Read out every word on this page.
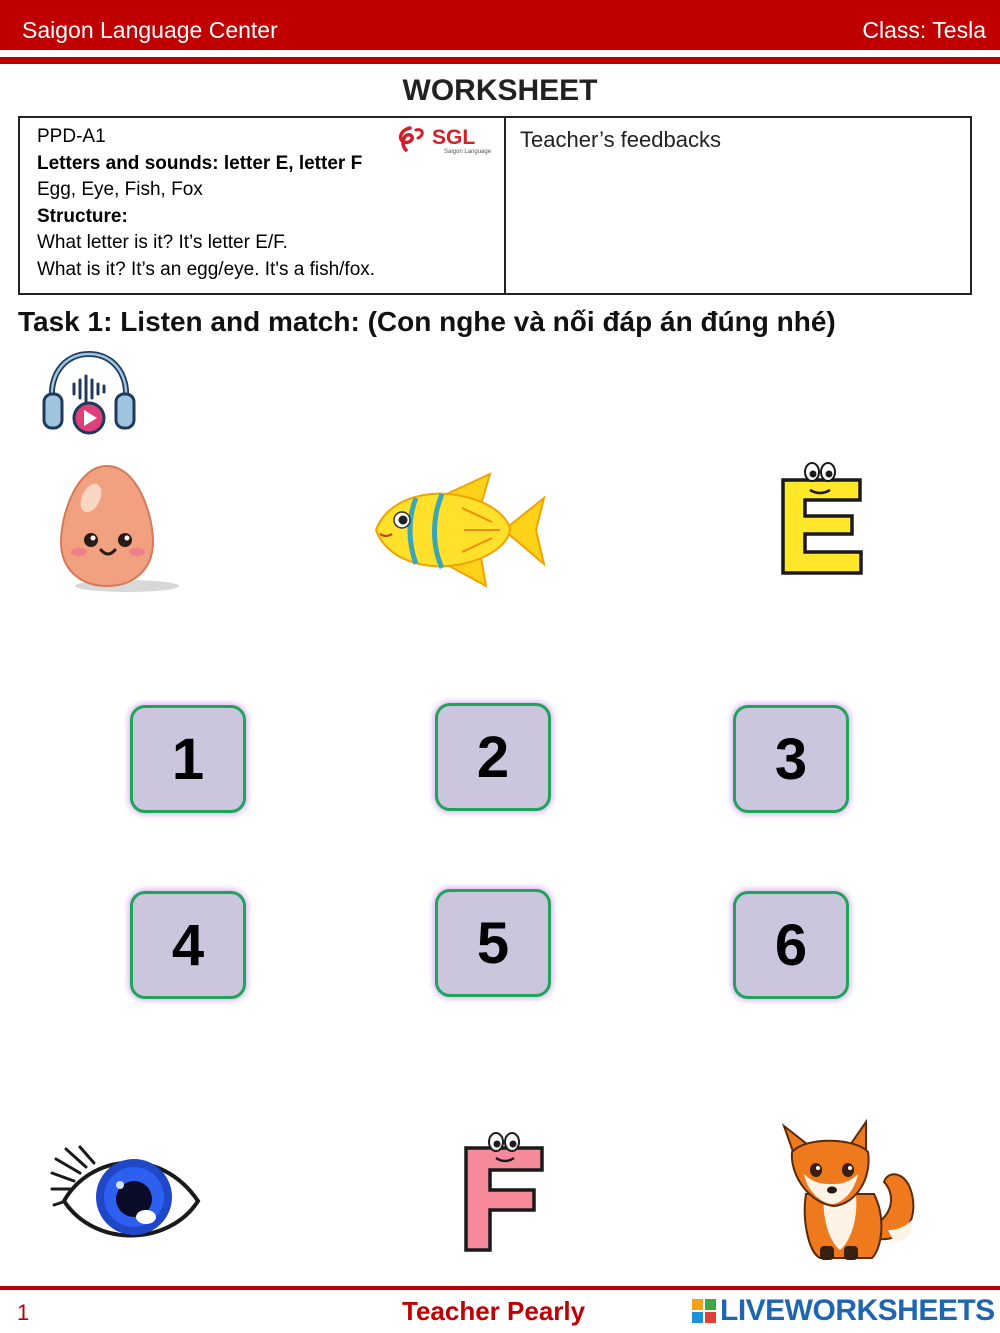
Saigon Language Center	Class: Tesla
WORKSHEET
PPD-A1
Letters and sounds: letter E, letter F
Egg, Eye, Fish, Fox
Structure:
What letter is it? It’s letter E/F.
What is it? It’s an egg/eye. It's a fish/fox.
SGL
Saigon Language	Teacher’s feedbacks
Task 1: Listen and match: (Con nghe và nối đáp án đúng nhé)
1	2	3
4	5	6
F
1	Teacher Pearly	LIVEWORKSHEETS
